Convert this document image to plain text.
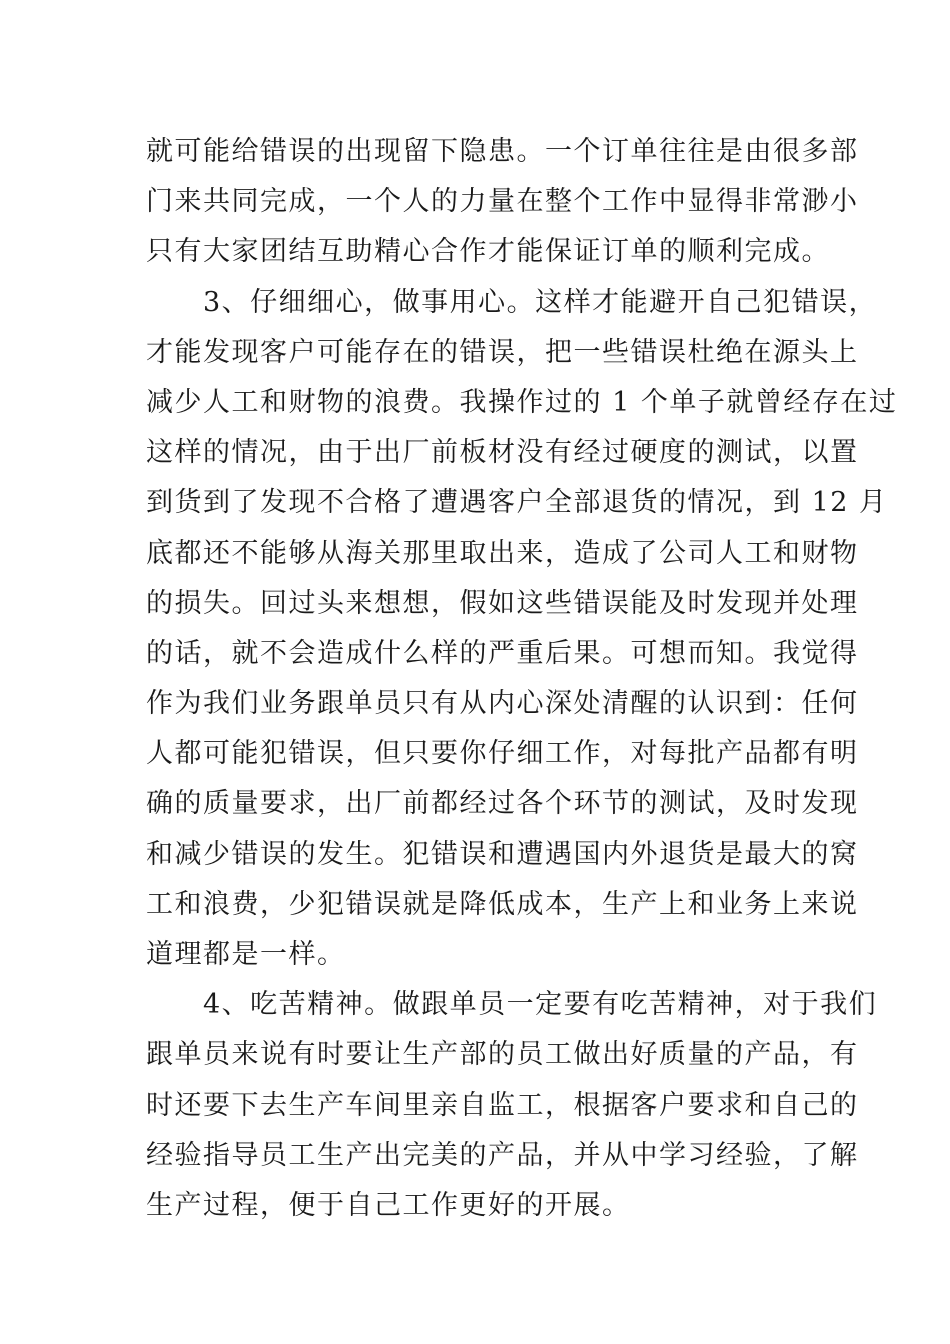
就可能给错误的出现留下隐患。一个订单往往是由很多部
门来共同完成，一个人的力量在整个工作中显得非常渺小
只有大家团结互助精心合作才能保证订单的顺利完成。
3、仔细细心，做事用心。这样才能避开自己犯错误，
才能发现客户可能存在的错误，把一些错误杜绝在源头上
减少人工和财物的浪费。我操作过的 1 个单子就曾经存在过
这样的情况，由于出厂前板材没有经过硬度的测试，以置
到货到了发现不合格了遭遇客户全部退货的情况，到 12 月
底都还不能够从海关那里取出来，造成了公司人工和财物
的损失。回过头来想想，假如这些错误能及时发现并处理
的话，就不会造成什么样的严重后果。可想而知。我觉得
作为我们业务跟单员只有从内心深处清醒的认识到：任何
人都可能犯错误，但只要你仔细工作，对每批产品都有明
确的质量要求，出厂前都经过各个环节的测试，及时发现
和减少错误的发生。犯错误和遭遇国内外退货是最大的窝
工和浪费，少犯错误就是降低成本，生产上和业务上来说
道理都是一样。
4、吃苦精神。做跟单员一定要有吃苦精神，对于我们
跟单员来说有时要让生产部的员工做出好质量的产品，有
时还要下去生产车间里亲自监工，根据客户要求和自己的
经验指导员工生产出完美的产品，并从中学习经验，了解
生产过程，便于自己工作更好的开展。
